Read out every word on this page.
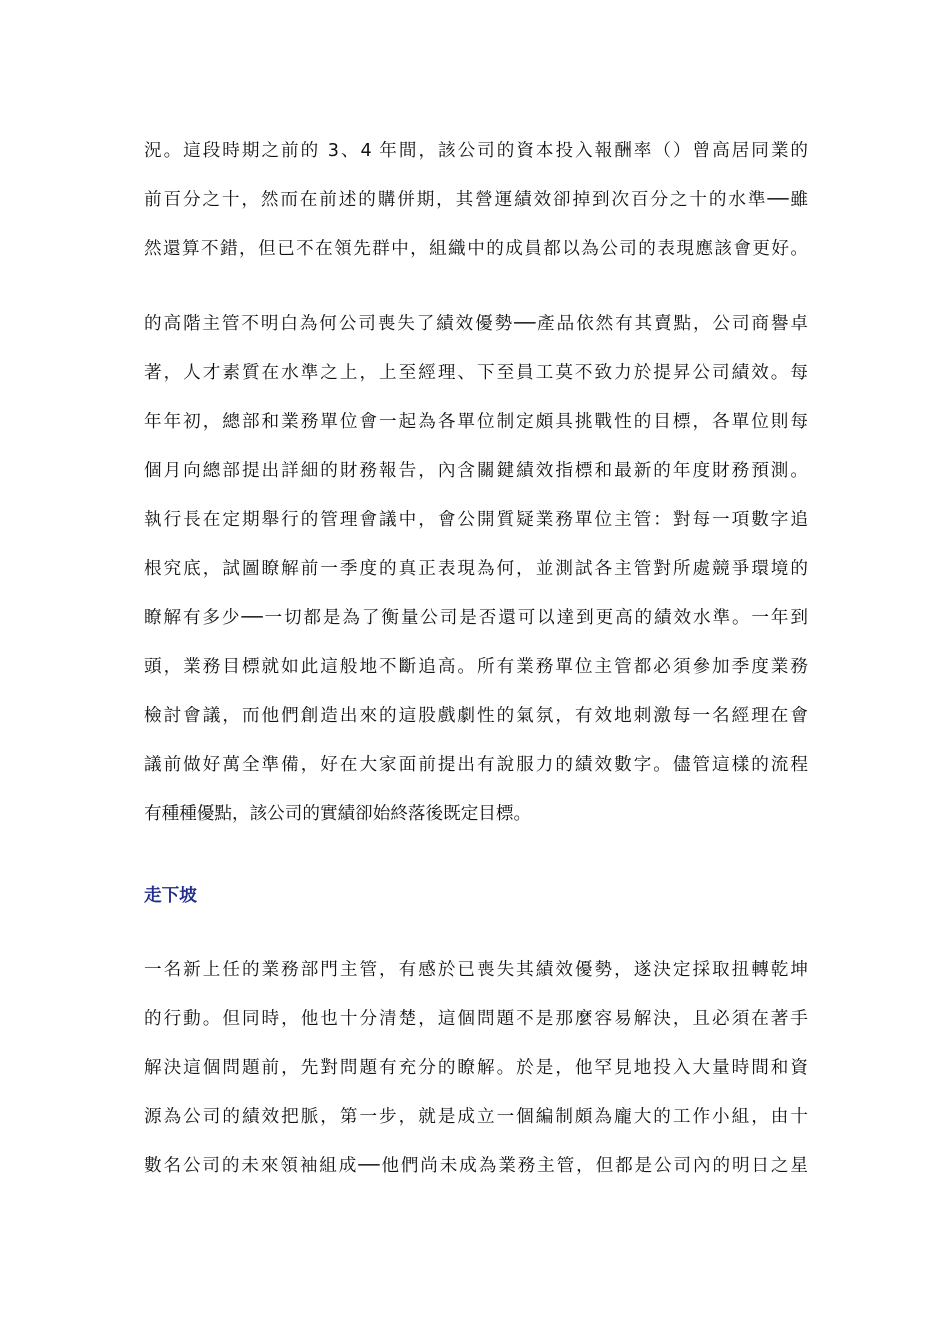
況。這段時期之前的 3、4 年間，該公司的資本投入報酬率（）曾高居同業的
前百分之十，然而在前述的購併期，其營運績效卻掉到次百分之十的水準──雖
然還算不錯，但已不在領先群中，組織中的成員都以為公司的表現應該會更好。
的高階主管不明白為何公司喪失了績效優勢──產品依然有其賣點，公司商譽卓
著，人才素質在水準之上，上至經理、下至員工莫不致力於提昇公司績效。每
年年初，總部和業務單位會一起為各單位制定頗具挑戰性的目標，各單位則每
個月向總部提出詳細的財務報告，內含關鍵績效指標和最新的年度財務預測。
執行長在定期舉行的管理會議中，會公開質疑業務單位主管：對每一項數字追
根究底，試圖瞭解前一季度的真正表現為何，並測試各主管對所處競爭環境的
瞭解有多少──一切都是為了衡量公司是否還可以達到更高的績效水準。一年到
頭，業務目標就如此這般地不斷追高。所有業務單位主管都必須參加季度業務
檢討會議，而他們創造出來的這股戲劇性的氣氛，有效地刺激每一名經理在會
議前做好萬全準備，好在大家面前提出有說服力的績效數字。儘管這樣的流程
有種種優點，該公司的實績卻始終落後既定目標。
走下坡
一名新上任的業務部門主管，有感於已喪失其績效優勢，遂決定採取扭轉乾坤
的行動。但同時，他也十分清楚，這個問題不是那麼容易解決，且必須在著手
解決這個問題前，先對問題有充分的瞭解。於是，他罕見地投入大量時間和資
源為公司的績效把脈，第一步，就是成立一個編制頗為龐大的工作小組，由十
數名公司的未來領袖組成──他們尚未成為業務主管，但都是公司內的明日之星
